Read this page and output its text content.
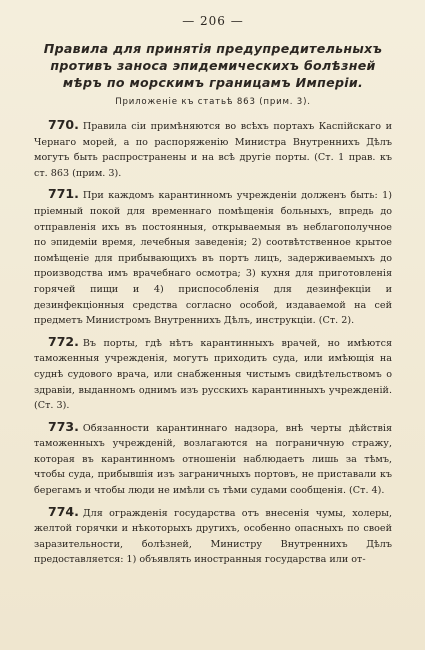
— 206 —
Правила для принятія предупредительныхъ противъ заноса эпидемическихъ болѣзней мѣръ по морскимъ границамъ Имперіи.
Приложеніе къ статьѣ 863 (прим. 3).

770. Правила сіи примѣняются во всѣхъ портахъ Каспійскаго и Чернаго морей, а по распоряженію Министра Внутреннихъ Дѣлъ могутъ быть распространены и на всѣ другіе порты. (Ст. 1 прав. къ ст. 863 (прим. 3).

771. При каждомъ карантинномъ учрежденіи долженъ быть: 1) пріемный покой для временнаго помѣщенія больныхъ, впредь до отправленія ихъ въ постоянныя, открываемыя въ неблагополучное по эпидеміи время, лечебныя заведенія; 2) соотвѣтственное крытое помѣщеніе для прибывающихъ въ портъ лицъ, задерживаемыхъ до производства имъ врачебнаго осмотра; 3) кухня для приготовленія горячей пищи и 4) приспособленія для дезинфекціи и дезинфекціонныя средства согласно особой, издаваемой на сей предметъ Министромъ Внутреннихъ Дѣлъ, инструкціи. (Ст. 2).

772. Въ порты, гдѣ нѣтъ карантинныхъ врачей, но имѣются таможенныя учрежденія, могутъ приходить суда, или имѣющія на суднѣ судового врача, или снабженныя чистымъ свидѣтельствомъ о здравіи, выданномъ однимъ изъ русскихъ карантинныхъ учрежденій. (Ст. 3).

773. Обязанности карантиннаго надзора, внѣ черты дѣйствія таможенныхъ учрежденій, возлагаются на пограничную стражу, которая въ карантинномъ отношеніи наблюдаетъ лишь за тѣмъ, чтобы суда, прибывшія изъ заграничныхъ портовъ, не приставали къ берегамъ и чтобы люди не имѣли съ тѣми судами сообщенія. (Ст. 4).

774. Для огражденія государства отъ внесенія чумы, холеры, желтой горячки и нѣкоторыхъ другихъ, особенно опасныхъ по своей заразительности, болѣзней, Министру Внутреннихъ Дѣлъ предоставляется: 1) объявлять иностранныя государства или от-
